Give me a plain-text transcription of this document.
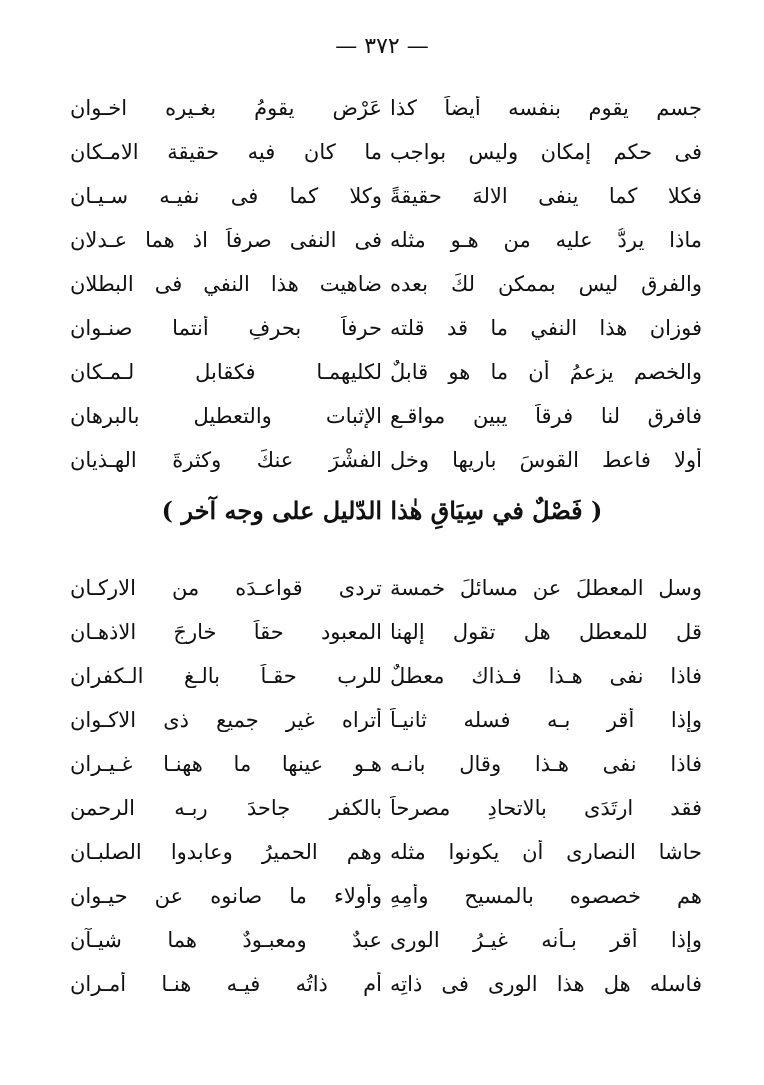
— ٣٧٢ —
جسم يقوم بنفسه أَيضاً كذا
عَرْض يقومُ بغـيره اخـوان
فى حكم إمكان وليس بواجب
ما كان فيه حقيقة الامـكان
فكلا كما ينفى الالهَ حقيقةً
وكلا كما فى نفيـه سـيـان
ماذا يردُّ عليه من هـو مثله
فى النفى صرفاً اذ هما عـدلان
والفرق ليس بممكنٍ لكَ بعده
ضاهيت هذا النفي فى البطلان
فوزان هذا النفي ما قد قلته
حرفاً بحرفٍ أَنتما صنـوان
والخصم يزعمُ أَن ما هو قابلٌ
لكليهمـا فكقابل لـمـكان
فافرق لنا فرقاً يبين مواقـع
الإثبات والتعطيل بالبرهان
أَولا فاعط القوسَ باريها وخل
الفشْرَ عنكَ وكثرةَ الهـذيان
( فَصْلٌ في سِيَاقِ هٰذا الدّليل على وجه آخر )
وسل المعطلَ عن مسائلَ خمسة
تردى قواعـدَه من الاركـان
قل للمعطلِ هل تقول إلهنا
المعبود حقاً خارجَ الاذهـان
فاذا نفى هـذا فـذاك معطلٌ
للرب حقـاً بالـغ الـكفران
وإذا أَقر بـه فسله ثانيـاً
أَتراه غير جميع ذى الاكـوان
فاذا نفى هـذا وقال بانـه
هـو عينها ما ههنـا غـيـران
فقد ارتَدَى بالاتحادِ مصرحاً
بالكفر جاحدَ ربـه الرحمن
حاشا النصارى أَن يكونوا مثله
وهم الحميرُ وعابدوا الصلبـان
هم خصصوه بالمسيح وأُمِهِ
وأَولاء ما صانوه عن حيـوان
وإذا أَقر بـأَنه غيـرُ الورى
عبدٌ ومعبـودٌ هما شيـآن
فاسله هل هذا الورى فى ذاتِه
أَم ذاتُه فيـه هنـا أَمـران
